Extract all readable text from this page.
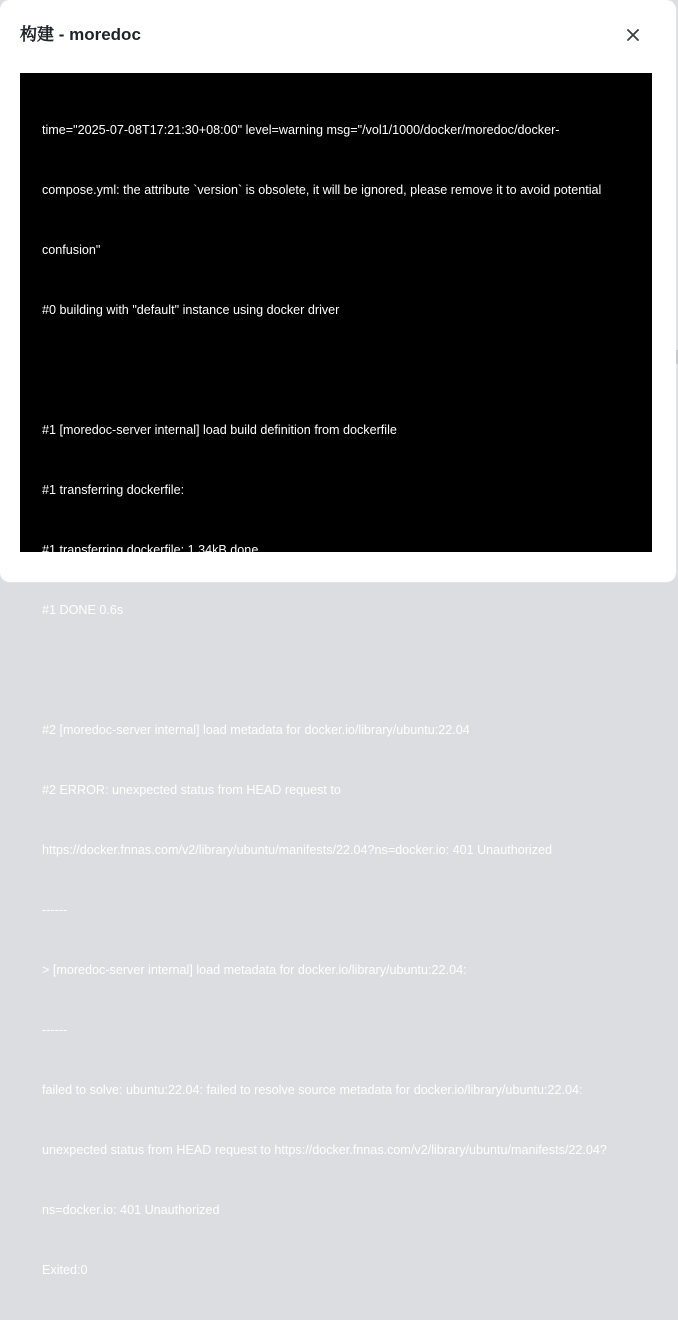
构建 - moredoc

time="2025-07-08T17:21:30+08:00" level=warning msg="/vol1/1000/docker/moredoc/docker-

compose.yml: the attribute `version` is obsolete, it will be ignored, please remove it to avoid potential

confusion"

#0 building with "default" instance using docker driver

#1 [moredoc-server internal] load build definition from dockerfile

#1 transferring dockerfile:

#1 transferring dockerfile: 1.34kB done

#1 DONE 0.6s

#2 [moredoc-server internal] load metadata for docker.io/library/ubuntu:22.04

#2 ERROR: unexpected status from HEAD request to

https://docker.fnnas.com/v2/library/ubuntu/manifests/22.04?ns=docker.io: 401 Unauthorized

------

> [moredoc-server internal] load metadata for docker.io/library/ubuntu:22.04:

------

failed to solve: ubuntu:22.04: failed to resolve source metadata for docker.io/library/ubuntu:22.04:

unexpected status from HEAD request to https://docker.fnnas.com/v2/library/ubuntu/manifests/22.04?

ns=docker.io: 401 Unauthorized

Exited:0
